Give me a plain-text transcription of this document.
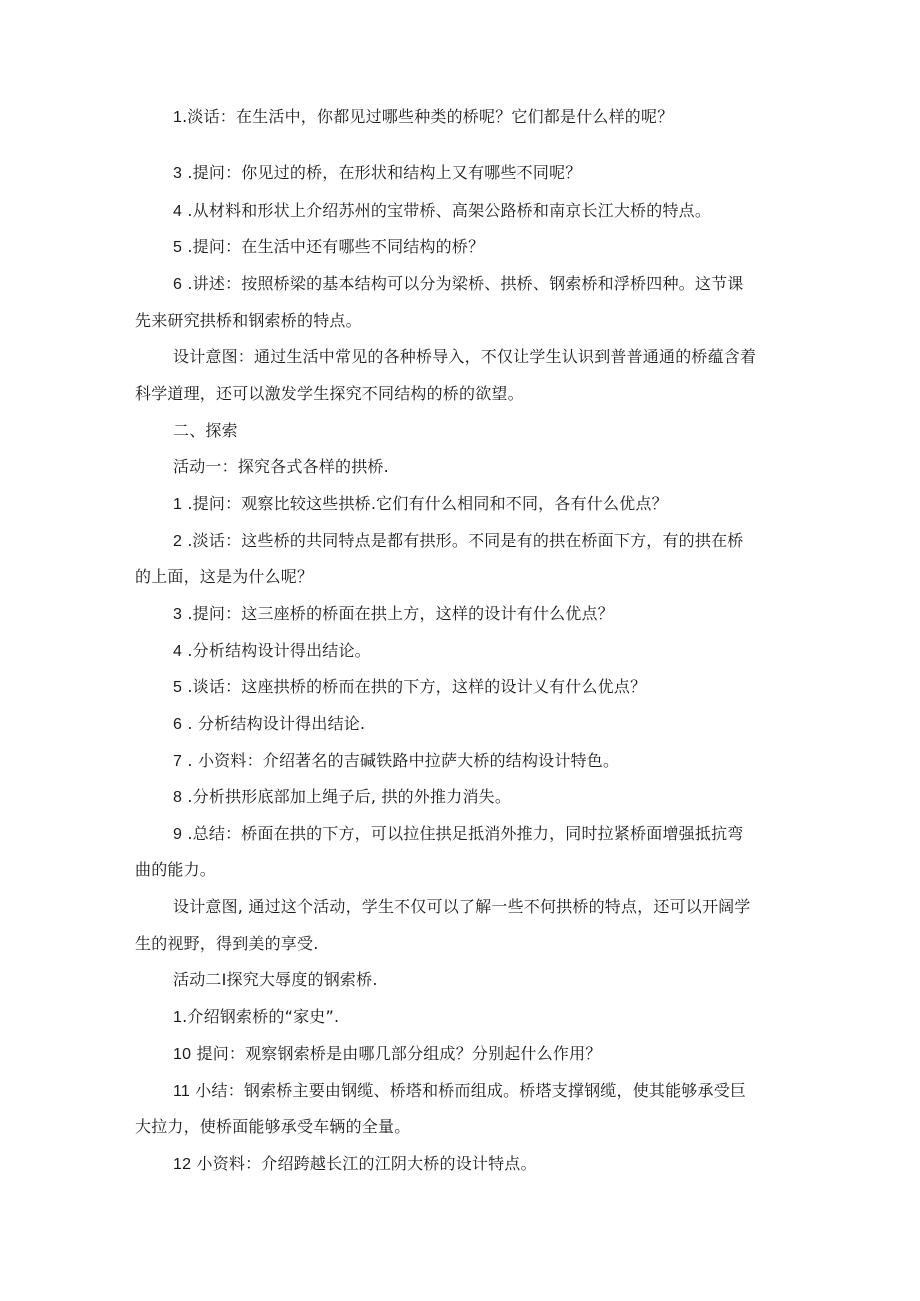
1.淡话：在生活中，你都见过哪些种类的桥呢？它们都是什么样的呢？
3 .提问：你见过的桥，在形状和结构上又有哪些不同呢？
4 .从材料和形状上介绍苏州的宝带桥、高架公路桥和南京长江大桥的特点。
5 .提问：在生活中还有哪些不同结构的桥？
6 .讲述：按照桥梁的基本结构可以分为梁桥、拱桥、钢索桥和浮桥四种。这节课
先来研究拱桥和钢索桥的特点。
设计意图：通过生活中常见的各种桥导入，不仅让学生认识到普普通通的桥蕴含着
科学道理，还可以激发学生探究不同结构的桥的欲望。
二、探索
活动一：探究各式各样的拱桥.
1 .提问：观察比较这些拱桥.它们有什么相同和不同，各有什么优点？
2 .淡话：这些桥的共同特点是都有拱形。不同是有的拱在桥面下方，有的拱在桥
的上面，这是为什么呢？
3 .提问：这三座桥的桥面在拱上方，这样的设计有什么优点？
4 .分析结构设计得出结论。
5 .谈话：这座拱桥的桥而在拱的下方，这样的设计乂有什么优点？
6 . 分析结构设计得出结论.
7 . 小资料：介绍著名的吉碱铁路中拉萨大桥的结构设计特色。
8 .分析拱形底部加上绳子后, 拱的外推力消失。
9 .总结：桥面在拱的下方，可以拉住拱足抵消外推力，同时拉紧桥面增强抵抗弯
曲的能力。
设计意图, 通过这个活动，学生不仅可以了解一些不何拱桥的特点，还可以开阔学
生的视野，得到美的享受.
活动二I探究大辱度的钢索桥.
1.介绍钢索桥的“家史”.
10 提问：观察钢索桥是由哪几部分组成？分别起什么作用？
11 小结：钢索桥主要由钢缆、桥塔和桥而组成。桥塔支撑钢缆，使其能够承受巨
大拉力，使桥面能够承受车辆的全量。
12 小资料：介绍跨越长江的江阴大桥的设计特点。
